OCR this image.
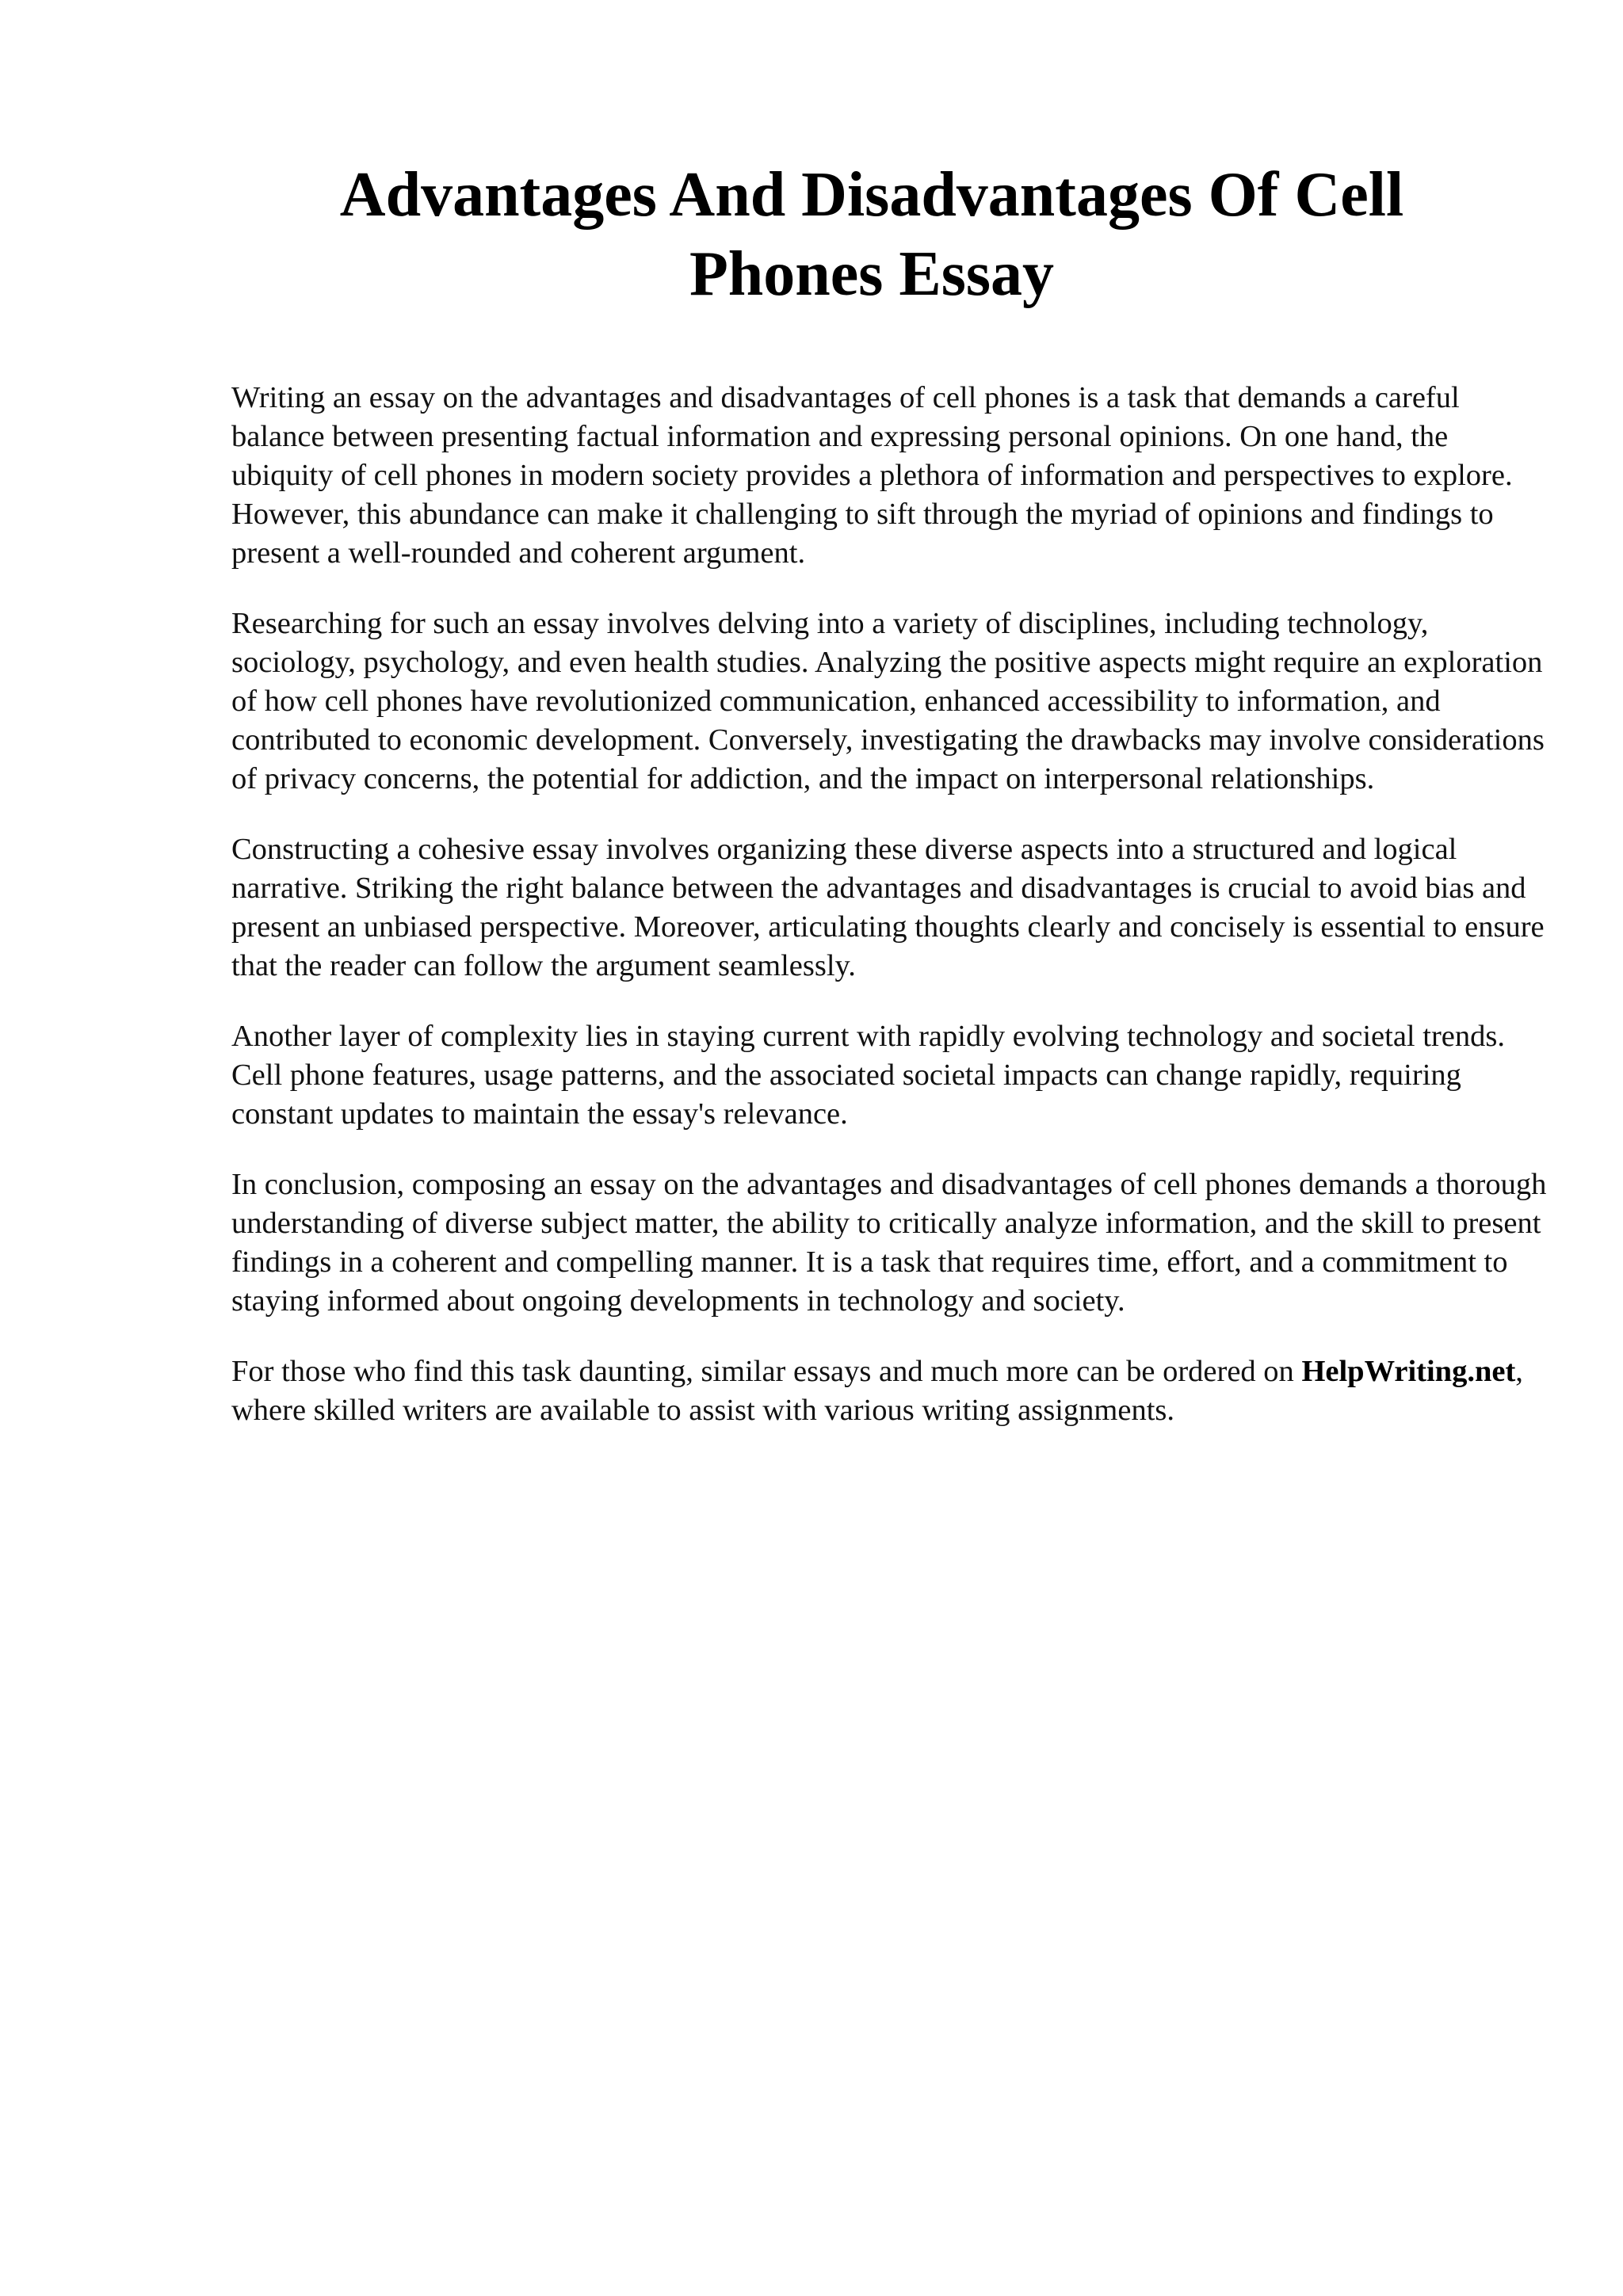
Advantages And Disadvantages Of Cell Phones Essay

Writing an essay on the advantages and disadvantages of cell phones is a task that demands a careful balance between presenting factual information and expressing personal opinions. On one hand, the ubiquity of cell phones in modern society provides a plethora of information and perspectives to explore. However, this abundance can make it challenging to sift through the myriad of opinions and findings to present a well-rounded and coherent argument.

Researching for such an essay involves delving into a variety of disciplines, including technology, sociology, psychology, and even health studies. Analyzing the positive aspects might require an exploration of how cell phones have revolutionized communication, enhanced accessibility to information, and contributed to economic development. Conversely, investigating the drawbacks may involve considerations of privacy concerns, the potential for addiction, and the impact on interpersonal relationships.

Constructing a cohesive essay involves organizing these diverse aspects into a structured and logical narrative. Striking the right balance between the advantages and disadvantages is crucial to avoid bias and present an unbiased perspective. Moreover, articulating thoughts clearly and concisely is essential to ensure that the reader can follow the argument seamlessly.

Another layer of complexity lies in staying current with rapidly evolving technology and societal trends. Cell phone features, usage patterns, and the associated societal impacts can change rapidly, requiring constant updates to maintain the essay's relevance.

In conclusion, composing an essay on the advantages and disadvantages of cell phones demands a thorough understanding of diverse subject matter, the ability to critically analyze information, and the skill to present findings in a coherent and compelling manner. It is a task that requires time, effort, and a commitment to staying informed about ongoing developments in technology and society.

For those who find this task daunting, similar essays and much more can be ordered on HelpWriting.net, where skilled writers are available to assist with various writing assignments.
